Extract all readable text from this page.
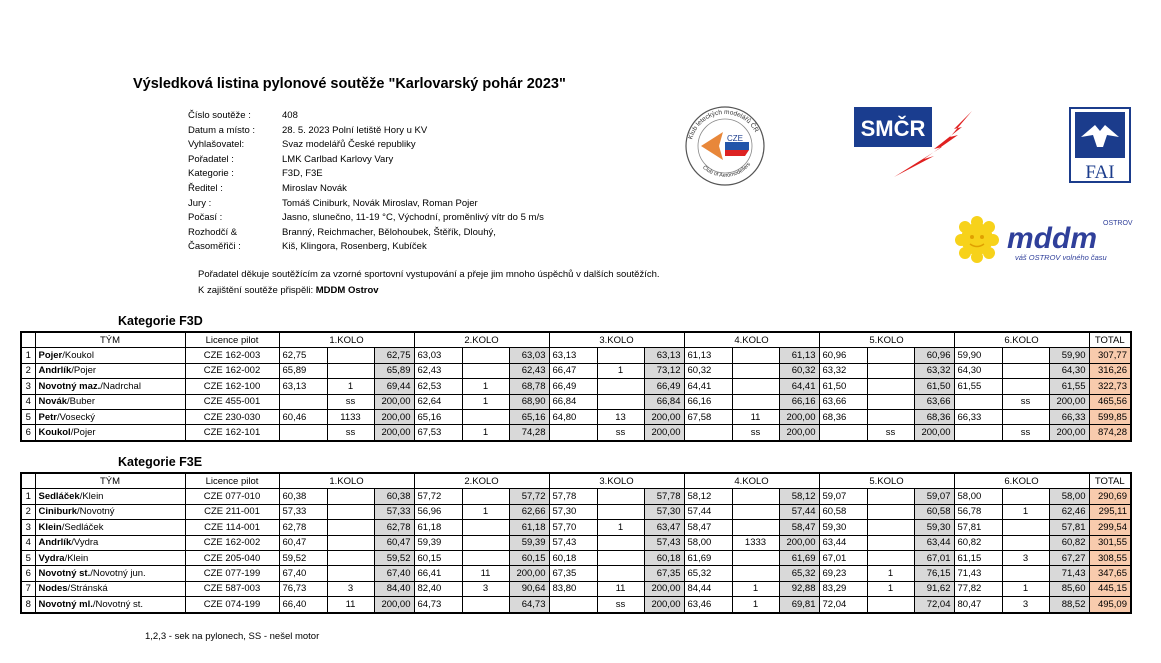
Výsledková listina pylonové soutěže "Karlovarský pohár 2023"
Číslo soutěže :	408
Datum a místo :	28. 5. 2023 Polní letiště Hory u KV
Vyhlašovatel:	Svaz modelářů České republiky
Pořadatel :	LMK Carlbad Karlovy Vary
Kategorie :	F3D, F3E
Ředitel :	Miroslav Novák
Jury :	Tomáš Ciniburk, Novák Miroslav, Roman Pojer
Počasí :	Jasno, slunečno, 11-19 °C, Východní, proměnlivý vítr do 5 m/s
Rozhodčí &	Branný, Reichmacher, Bělohoubek, Štěřík, Dlouhý,
Časoměřiči :	Kiš, Klingora, Rosenberg, Kubíček
Pořadatel děkuje soutěžícím za vzorné sportovní vystupování a přeje jim mnoho úspěchů v dalších soutěžích.
K zajištění soutěže přispěli: MDDM Ostrov
Klub leteckých modelářů ČR
Club of Aeromodellers
CZE	SMČR
FAI
mddm OSTROV
váš OSTROV volného času
Kategorie F3D
	TÝM	Licence pilot	1.KOLO			2.KOLO			3.KOLO			4.KOLO			5.KOLO			6.KOLO			TOTAL
1	Pojer/Koukol	CZE 162-003	62,75		62,75	63,03		63,03	63,13		63,13	61,13		61,13	60,96		60,96	59,90		59,90	307,77
2	Andrlík/Pojer	CZE 162-002	65,89		65,89	62,43		62,43	66,47	1	73,12	60,32		60,32	63,32		63,32	64,30		64,30	316,26
3	Novotný maz./Nadrchal	CZE 162-100	63,13	1	69,44	62,53	1	68,78	66,49		66,49	64,41		64,41	61,50		61,50	61,55		61,55	322,73
4	Novák/Buber	CZE 455-001		ss	200,00	62,64	1	68,90	66,84		66,84	66,16		66,16	63,66		63,66		ss	200,00	465,56
5	Petr/Vosecký	CZE 230-030	60,46	1133	200,00	65,16		65,16	64,80	13	200,00	67,58	11	200,00	68,36		68,36	66,33		66,33	599,85
6	Koukol/Pojer	CZE 162-101		ss	200,00	67,53	1	74,28		ss	200,00		ss	200,00		ss	200,00		ss	200,00	874,28
Kategorie F3E
	TÝM	Licence pilot	1.KOLO			2.KOLO			3.KOLO			4.KOLO			5.KOLO			6.KOLO			TOTAL
1	Sedláček/Klein	CZE 077-010	60,38		60,38	57,72		57,72	57,78		57,78	58,12		58,12	59,07		59,07	58,00		58,00	290,69
2	Ciniburk/Novotný	CZE 211-001	57,33		57,33	56,96	1	62,66	57,30		57,30	57,44		57,44	60,58		60,58	56,78	1	62,46	295,11
3	Klein/Sedláček	CZE 114-001	62,78		62,78	61,18		61,18	57,70	1	63,47	58,47		58,47	59,30		59,30	57,81		57,81	299,54
4	Andrlík/Vydra	CZE 162-002	60,47		60,47	59,39		59,39	57,43		57,43	58,00	1333	200,00	63,44		63,44	60,82		60,82	301,55
5	Vydra/Klein	CZE 205-040	59,52		59,52	60,15		60,15	60,18		60,18	61,69		61,69	67,01		67,01	61,15	3	67,27	308,55
6	Novotný st./Novotný jun.	CZE 077-199	67,40		67,40	66,41	11	200,00	67,35		67,35	65,32		65,32	69,23	1	76,15	71,43		71,43	347,65
7	Nodes/Stránská	CZE 587-003	76,73	3	84,40	82,40	3	90,64	83,80	11	200,00	84,44	1	92,88	83,29	1	91,62	77,82	1	85,60	445,15
8	Novotný ml./Novotný st.	CZE 074-199	66,40	11	200,00	64,73		64,73		ss	200,00	63,46	1	69,81	72,04		72,04	80,47	3	88,52	495,09
1,2,3 - sek na pylonech, SS - nešel motor
